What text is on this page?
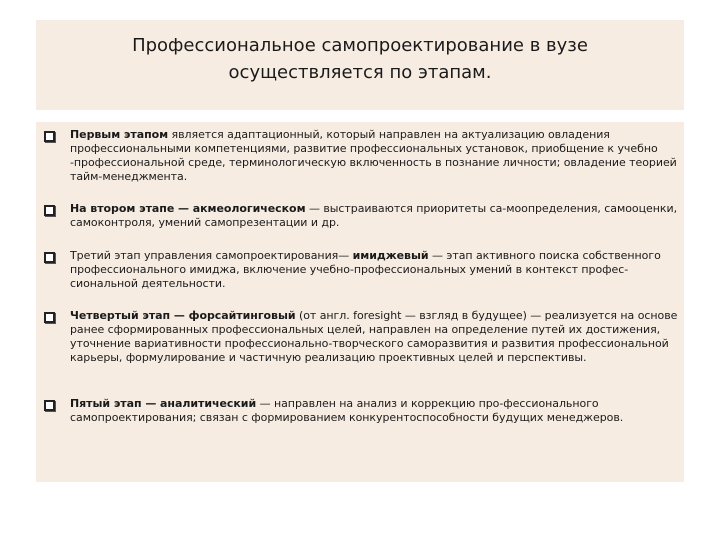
Профессиональное самопроектирование в вузе осуществляется по этапам.
Первым этапом является адаптационный, который направлен на актуализацию овладения профессиональными компетенциями, развитие профессиональных установок, приобщение к учебно -профессиональной среде, терминологическую включенность в познание личности; овладение теорией тайм-менеджмента.
На втором этапе — акмеологическом — выстраиваются приоритеты са-моопределения, самооценки, самоконтроля, умений самопрезентации и др.
Третий этап управления самопроектирования— имиджевый — этап активного поиска собственного профессионального имиджа, включение учебно-профессиональных умений в контекст профес-сиональной деятельности.
Четвертый этап — форсайтинговый (от англ. foresight — взгляд в будущее) — реализуется на основе ранее сформированных профессиональных целей, направлен на определение путей их достижения, уточнение вариативности профессионально-творческого саморазвития и развития профессиональной карьеры, формулирование и частичную реализацию проективных целей и перспективы.
Пятый этап — аналитический — направлен на анализ и коррекцию про-фессионального самопроектирования; связан с формированием конкурентоспособности будущих менеджеров.
